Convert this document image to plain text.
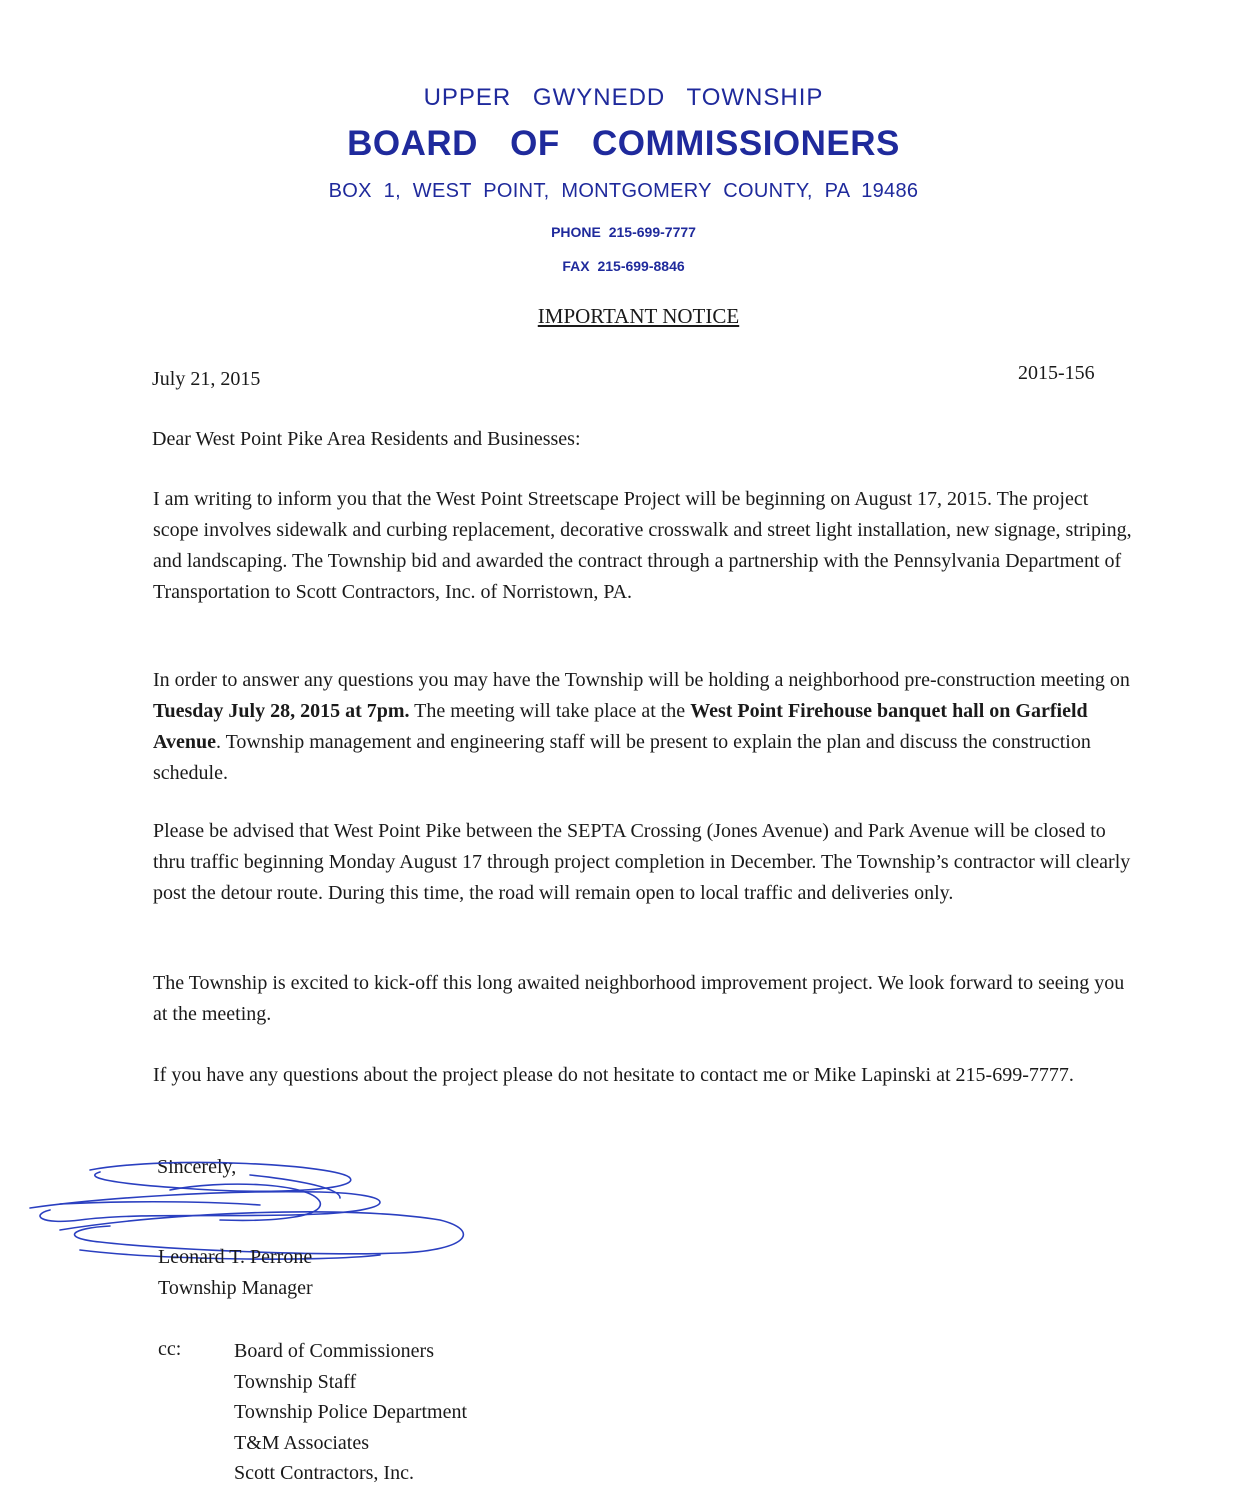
UPPER GWYNEDD TOWNSHIP
BOARD OF COMMISSIONERS
BOX 1, WEST POINT, MONTGOMERY COUNTY, PA 19486
PHONE 215-699-7777
FAX 215-699-8846
IMPORTANT NOTICE
July 21, 2015	2015-156
Dear West Point Pike Area Residents and Businesses:

I am writing to inform you that the West Point Streetscape Project will be beginning on August 17, 2015. The project scope involves sidewalk and curbing replacement, decorative crosswalk and street light installation, new signage, striping, and landscaping. The Township bid and awarded the contract through a partnership with the Pennsylvania Department of Transportation to Scott Contractors, Inc. of Norristown, PA.

In order to answer any questions you may have the Township will be holding a neighborhood pre-construction meeting on Tuesday July 28, 2015 at 7pm. The meeting will take place at the West Point Firehouse banquet hall on Garfield Avenue. Township management and engineering staff will be present to explain the plan and discuss the construction schedule.

Please be advised that West Point Pike between the SEPTA Crossing (Jones Avenue) and Park Avenue will be closed to thru traffic beginning Monday August 17 through project completion in December. The Township’s contractor will clearly post the detour route. During this time, the road will remain open to local traffic and deliveries only.

The Township is excited to kick-off this long awaited neighborhood improvement project. We look forward to seeing you at the meeting.

If you have any questions about the project please do not hesitate to contact me or Mike Lapinski at 215-699-7777.

Sincerely,
Leonard T. Perrone
Township Manager
cc:	Board of Commissioners
Township Staff
Township Police Department
T&M Associates
Scott Contractors, Inc.
